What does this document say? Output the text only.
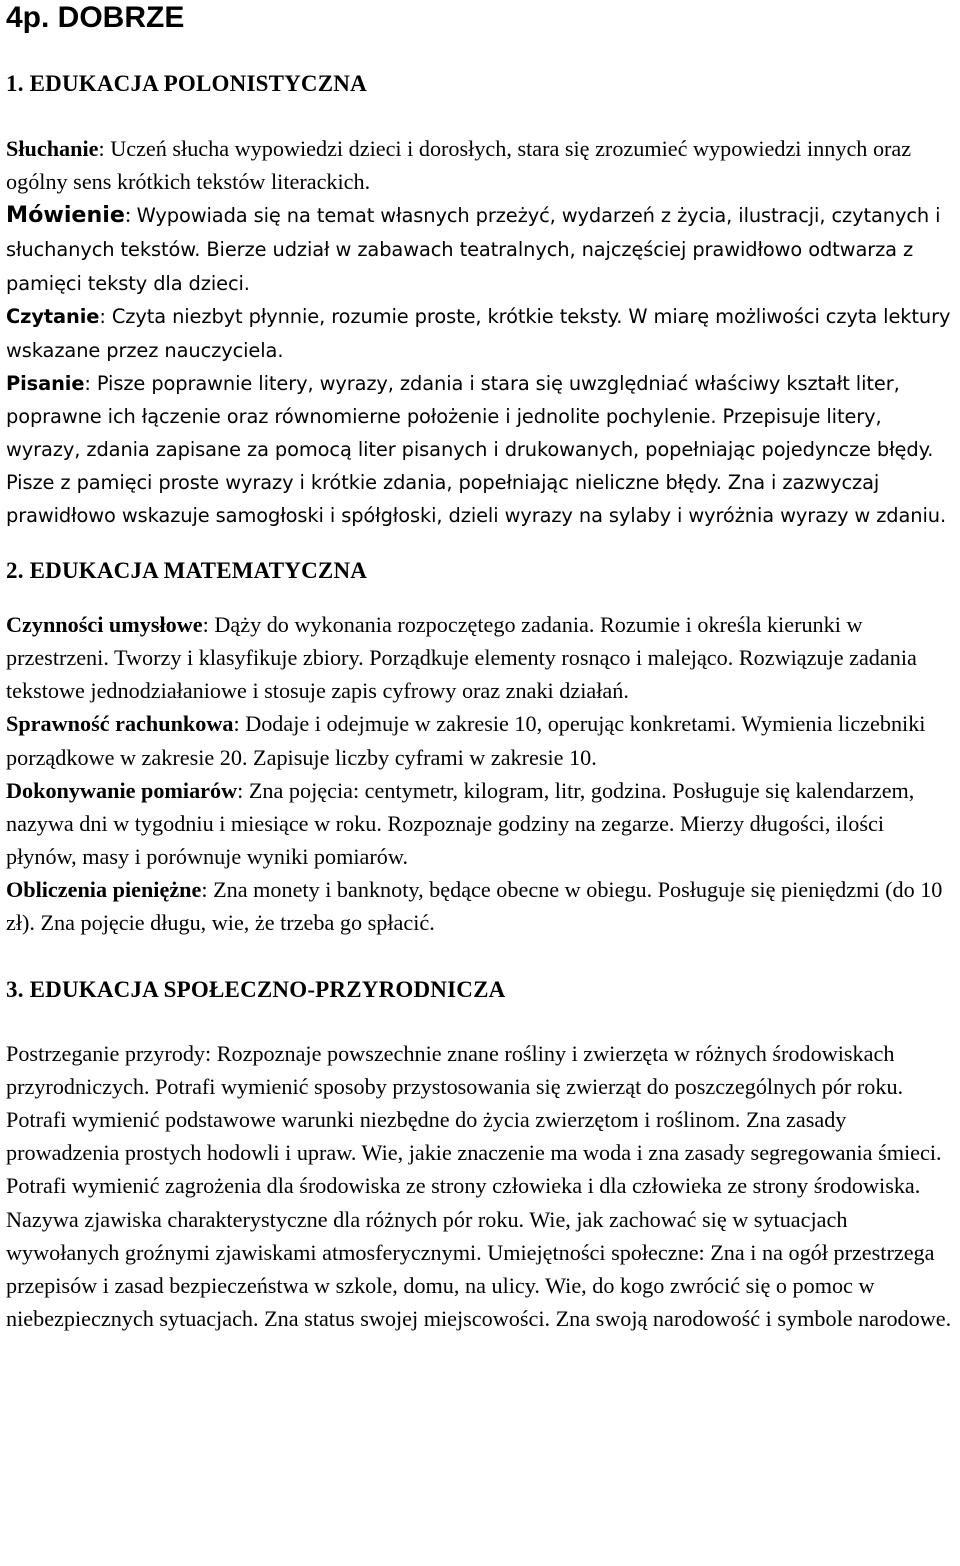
4p. DOBRZE
1. EDUKACJA POLONISTYCZNA

Słuchanie: Uczeń słucha wypowiedzi dzieci i dorosłych, stara się zrozumieć wypowiedzi innych oraz ogólny sens krótkich tekstów literackich.

Mówienie: Wypowiada się na temat własnych przeżyć, wydarzeń z życia, ilustracji, czytanych i słuchanych tekstów. Bierze udział w zabawach teatralnych, najczęściej prawidłowo odtwarza z pamięci teksty dla dzieci.

Czytanie: Czyta niezbyt płynnie, rozumie proste, krótkie teksty. W miarę możliwości czyta lektury wskazane przez nauczyciela.

Pisanie: Pisze poprawnie litery, wyrazy, zdania i stara się uwzględniać właściwy kształt liter, poprawne ich łączenie oraz równomierne położenie i jednolite pochylenie. Przepisuje litery, wyrazy, zdania zapisane za pomocą liter pisanych i drukowanych, popełniając pojedyncze błędy. Pisze z pamięci proste wyrazy i krótkie zdania, popełniając nieliczne błędy. Zna i zazwyczaj prawidłowo wskazuje samogłoski i spółgłoski, dzieli wyrazy na sylaby i wyróżnia wyrazy w zdaniu.

2. EDUKACJA MATEMATYCZNA

Czynności umysłowe: Dąży do wykonania rozpoczętego zadania. Rozumie i określa kierunki w przestrzeni. Tworzy i klasyfikuje zbiory. Porządkuje elementy rosnąco i malejąco. Rozwiązuje zadania tekstowe jednodziałaniowe i stosuje zapis cyfrowy oraz znaki działań.

Sprawność rachunkowa: Dodaje i odejmuje w zakresie 10, operując konkretami. Wymienia liczebniki porządkowe w zakresie 20. Zapisuje liczby cyframi w zakresie 10.

Dokonywanie pomiarów: Zna pojęcia: centymetr, kilogram, litr, godzina. Posługuje się kalendarzem, nazywa dni w tygodniu i miesiące w roku. Rozpoznaje godziny na zegarze. Mierzy długości, ilości płynów, masy i porównuje wyniki pomiarów.

Obliczenia pieniężne: Zna monety i banknoty, będące obecne w obiegu. Posługuje się pieniędzmi (do 10 zł). Zna pojęcie długu, wie, że trzeba go spłacić.

3. EDUKACJA SPOŁECZNO-PRZYRODNICZA

Postrzeganie przyrody: Rozpoznaje powszechnie znane rośliny i zwierzęta w różnych środowiskach przyrodniczych. Potrafi wymienić sposoby przystosowania się zwierząt do poszczególnych pór roku. Potrafi wymienić podstawowe warunki niezbędne do życia zwierzętom i roślinom. Zna zasady prowadzenia prostych hodowli i upraw. Wie, jakie znaczenie ma woda i zna zasady segregowania śmieci. Potrafi wymienić zagrożenia dla środowiska ze strony człowieka i dla człowieka ze strony środowiska. Nazywa zjawiska charakterystyczne dla różnych pór roku. Wie, jak zachować się w sytuacjach wywołanych groźnymi zjawiskami atmosferycznymi. Umiejętności społeczne: Zna i na ogół przestrzega przepisów i zasad bezpieczeństwa w szkole, domu, na ulicy. Wie, do kogo zwrócić się o pomoc w niebezpiecznych sytuacjach. Zna status swojej miejscowości. Zna swoją narodowość i symbole narodowe.
